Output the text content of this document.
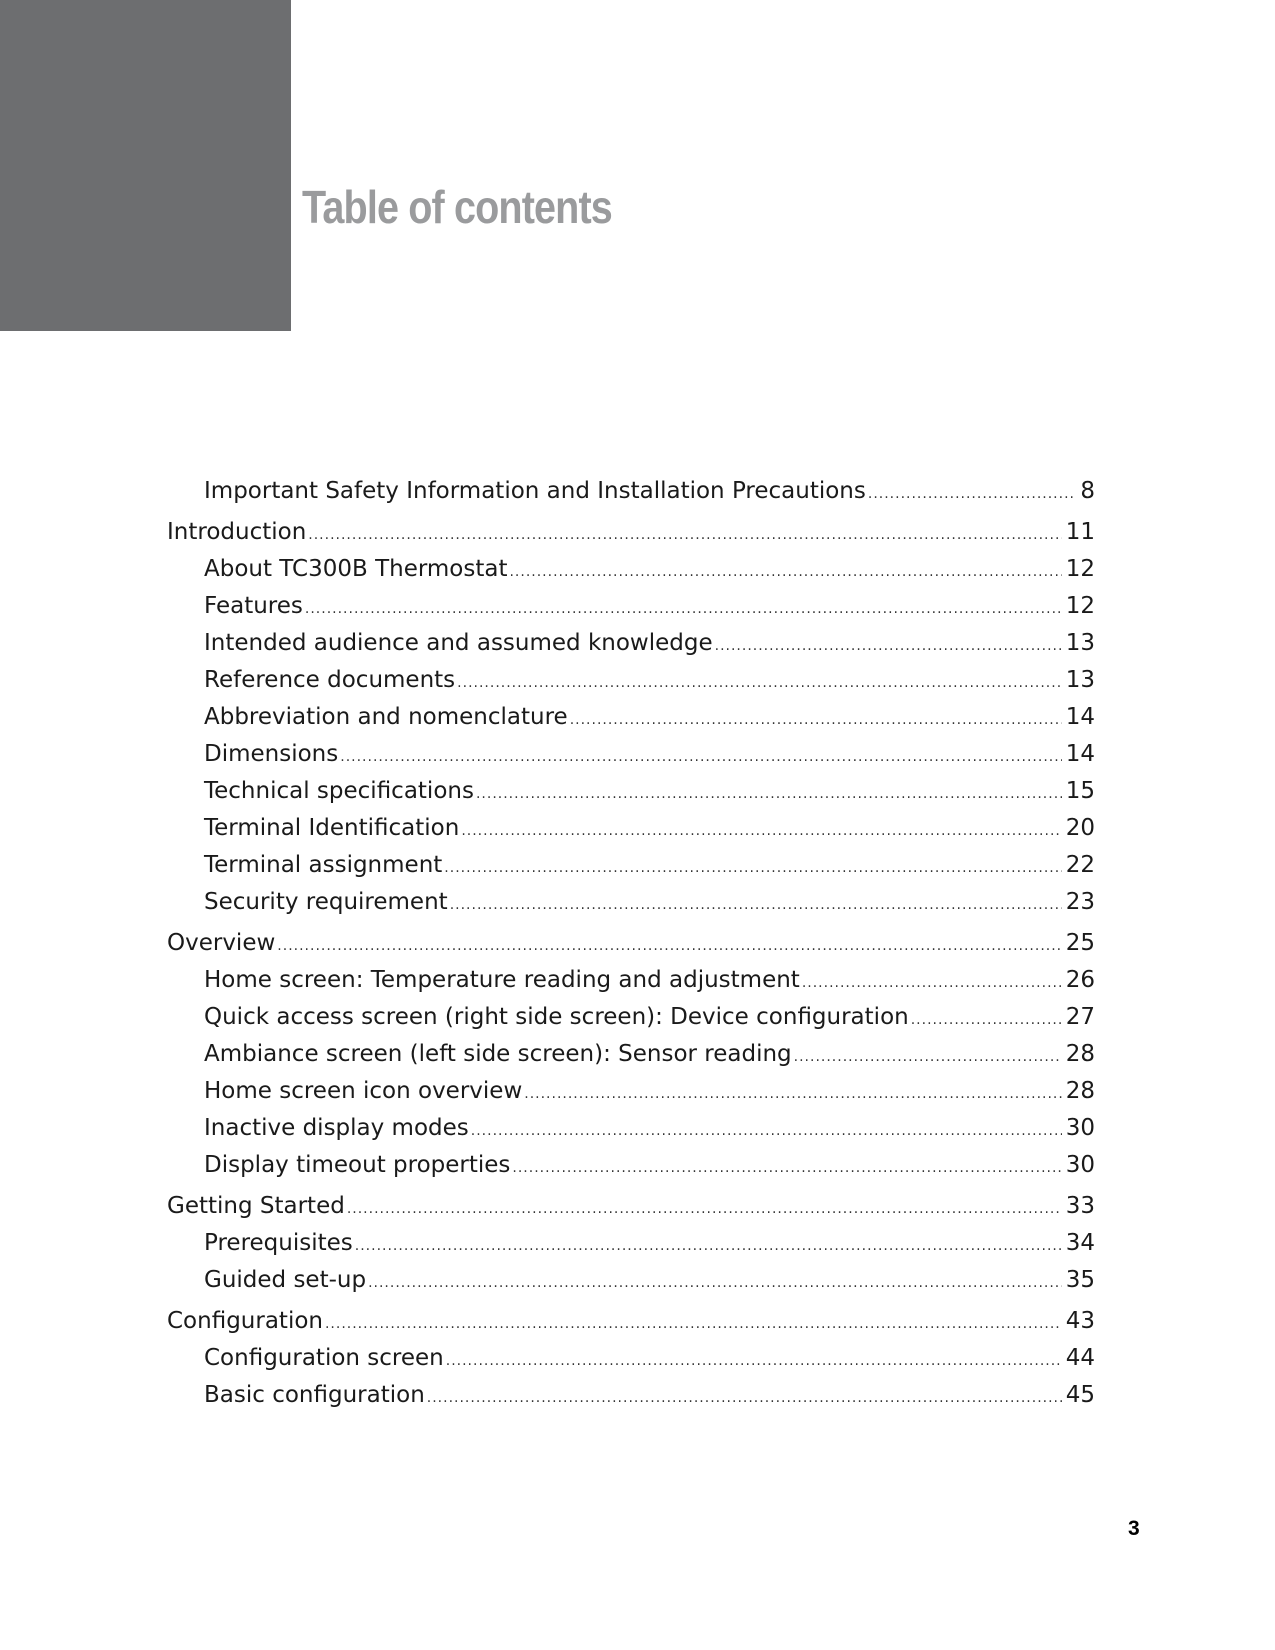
Table of contents
Important Safety Information and Installation Precautions .....	8
Introduction .....	11
About TC300B Thermostat .....	12
Features .....	12
Intended audience and assumed knowledge .....	13
Reference documents .....	13
Abbreviation and nomenclature .....	14
Dimensions .....	14
Technical specifications .....	15
Terminal Identification .....	20
Terminal assignment .....	22
Security requirement .....	23
Overview .....	25
Home screen: Temperature reading and adjustment .....	26
Quick access screen (right side screen): Device configuration .....	27
Ambiance screen (left side screen): Sensor reading .....	28
Home screen icon overview .....	28
Inactive display modes .....	30
Display timeout properties .....	30
Getting Started .....	33
Prerequisites .....	34
Guided set-up .....	35
Configuration .....	43
Configuration screen .....	44
Basic configuration .....	45
3
